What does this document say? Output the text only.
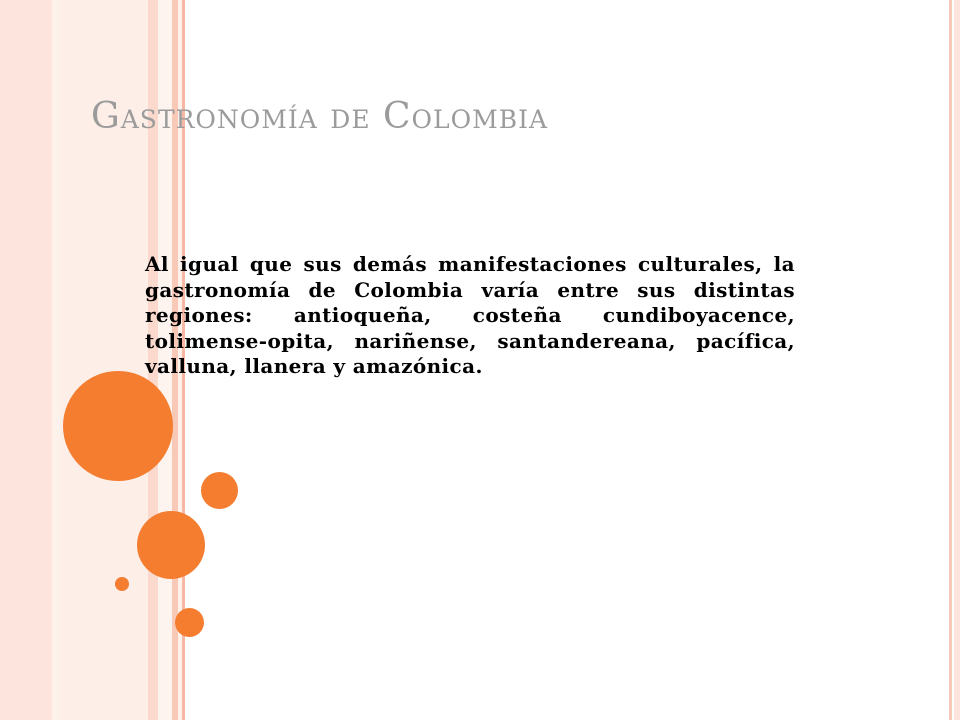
Gastronomía de Colombia
Al igual que sus demás manifestaciones culturales, la gastronomía de Colombia varía entre sus distintas regiones: antioqueña, costeña cundiboyacence, tolimense-opita, nariñense, santandereana, pacífica, valluna, llanera y amazónica.
